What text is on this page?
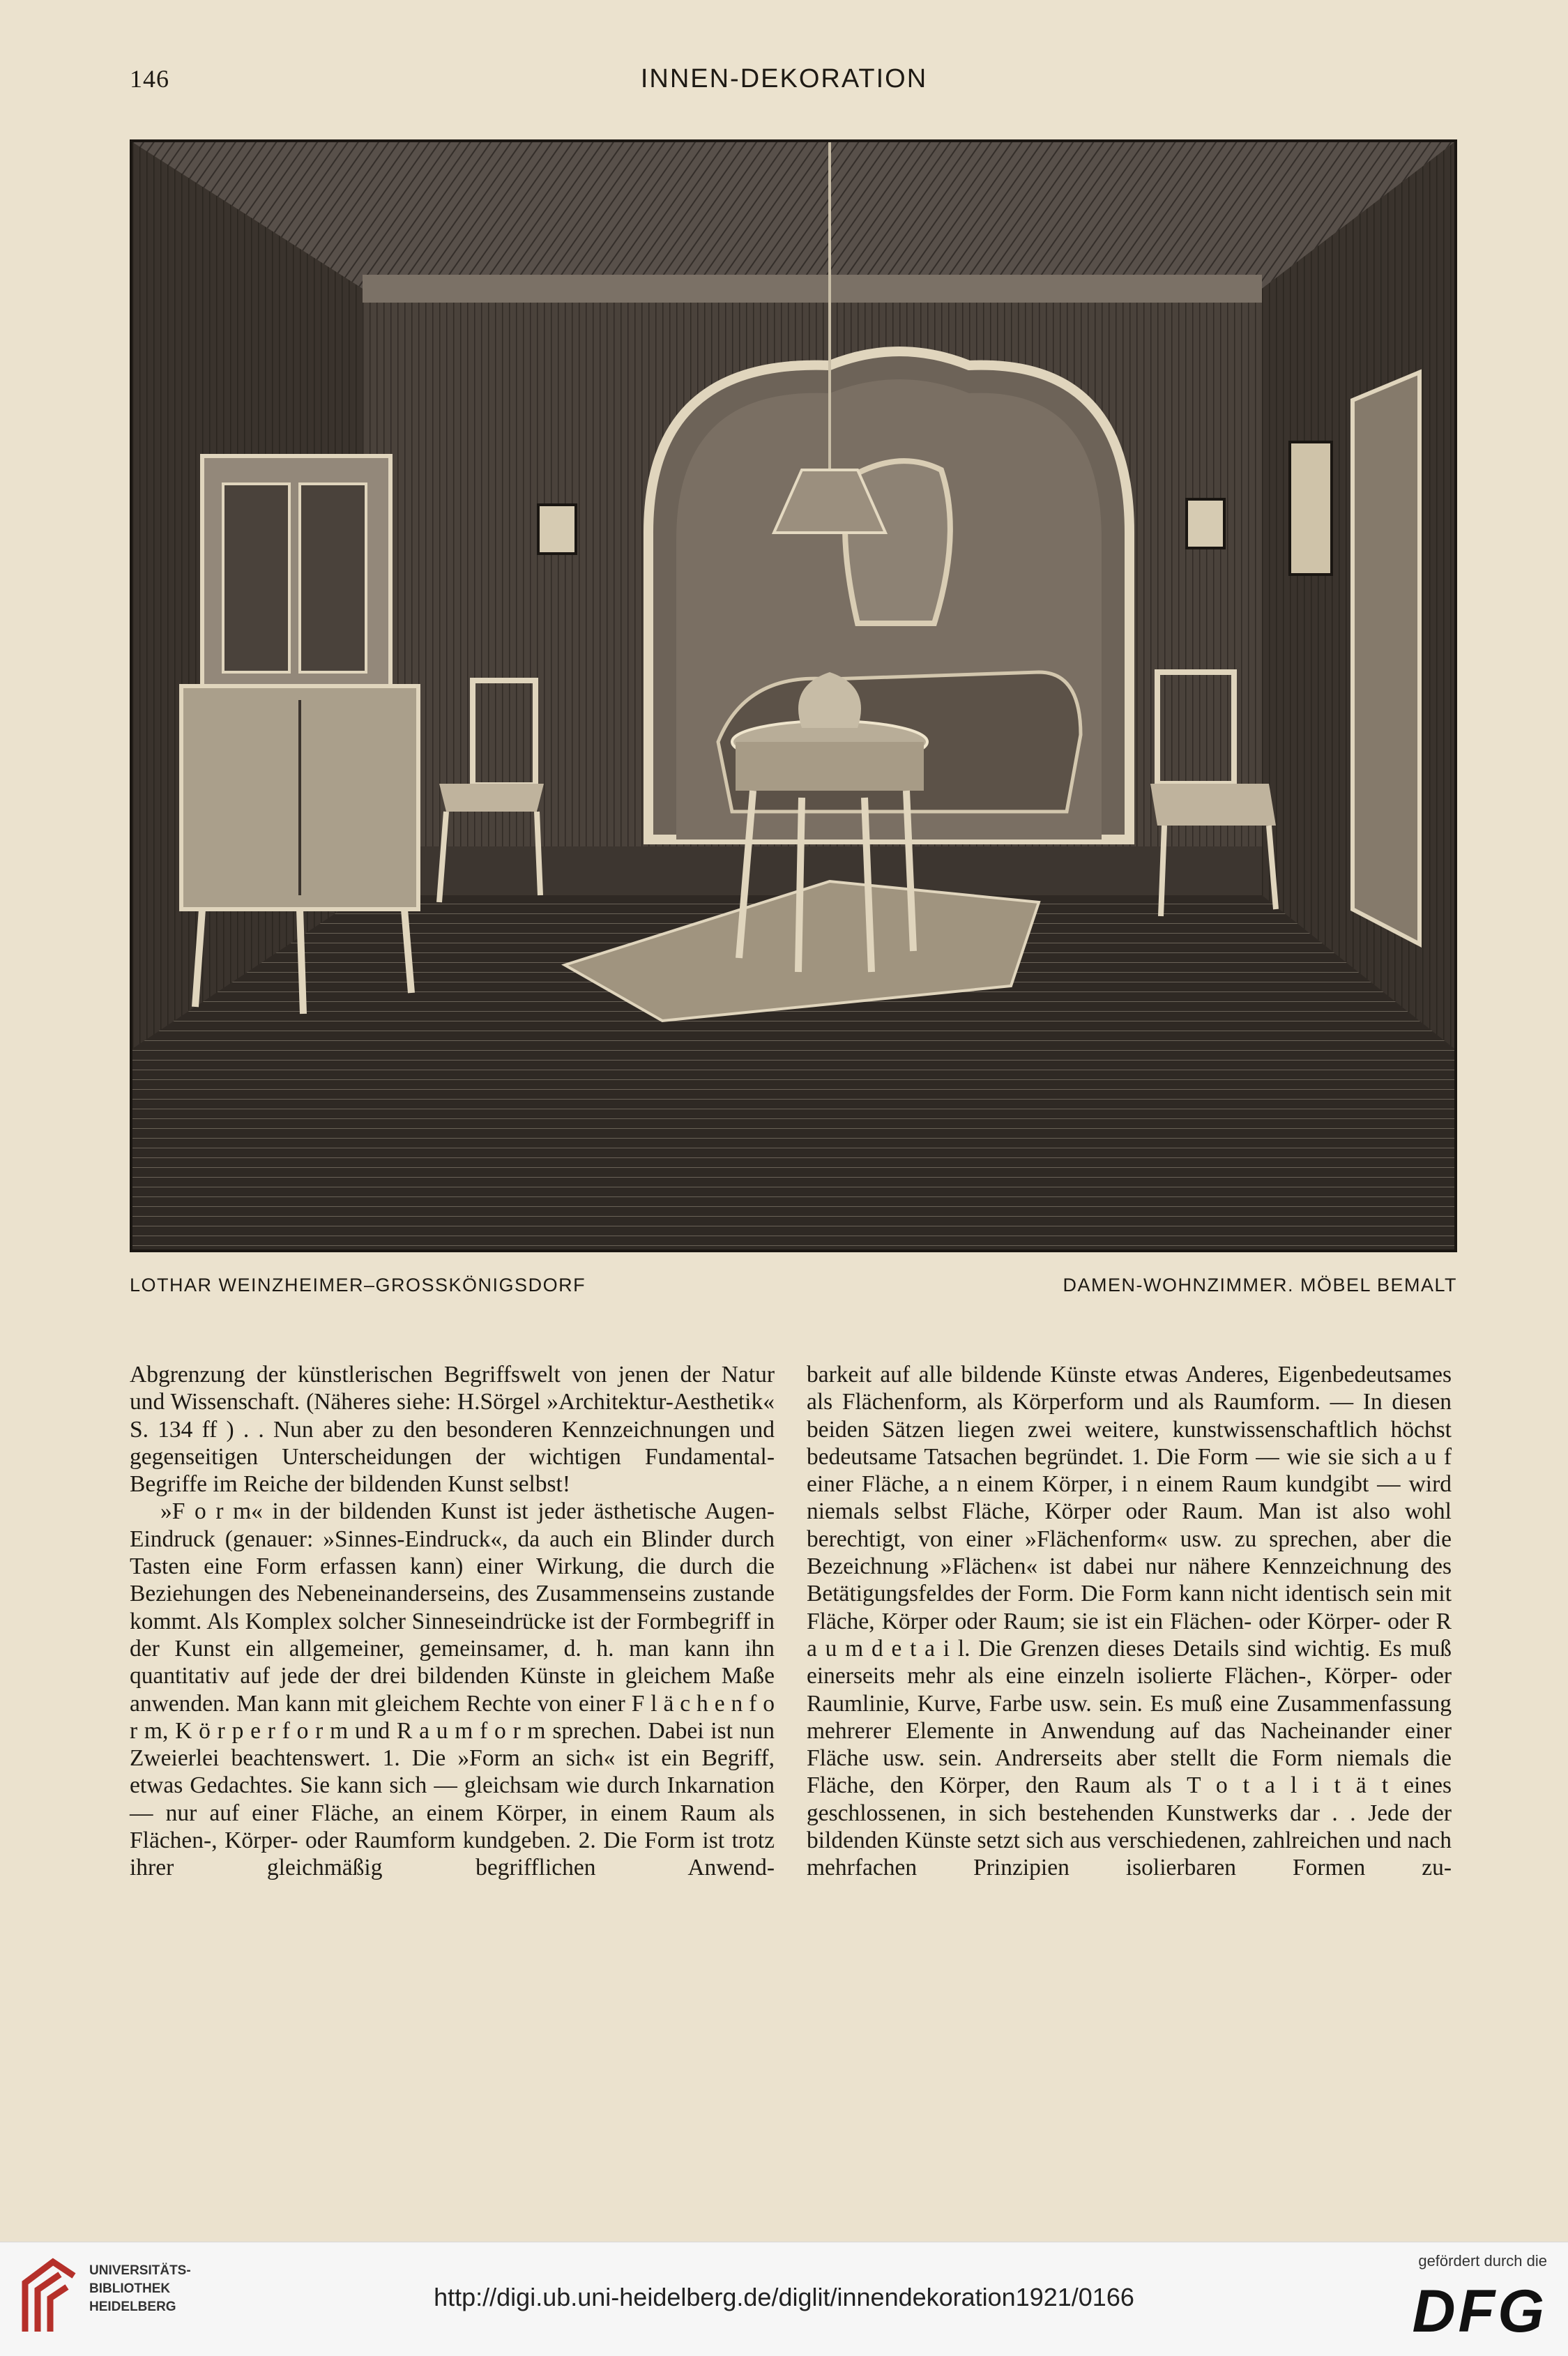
146	INNEN-DEKORATION
LOTHAR WEINZHEIMER–GROSSKÖNIGSDORF	DAMEN-WOHNZIMMER. MÖBEL BEMALT

Abgrenzung der künstlerischen Begriffswelt von jenen der Natur und Wissenschaft. (Näheres siehe: H.Sörgel »Architektur-Aesthetik« S. 134 ff ) . . Nun aber zu den besonderen Kennzeichnungen und gegenseitigen Unterscheidungen der wichtigen Fundamental-Begriffe im Reiche der bildenden Kunst selbst!

»F o r m« in der bildenden Kunst ist jeder ästhetische Augen-Eindruck (genauer: »Sinnes-Eindruck«, da auch ein Blinder durch Tasten eine Form erfassen kann) einer Wirkung, die durch die Beziehungen des Nebeneinanderseins, des Zusammenseins zustande kommt. Als Komplex solcher Sinneseindrücke ist der Formbegriff in der Kunst ein allgemeiner, gemeinsamer, d. h. man kann ihn quantitativ auf jede der drei bildenden Künste in gleichem Maße anwenden. Man kann mit gleichem Rechte von einer F l ä c h e n f o r m, K ö r p e r f o r m und R a u m f o r m sprechen. Dabei ist nun Zweierlei beachtenswert. 1. Die »Form an sich« ist ein Begriff, etwas Gedachtes. Sie kann sich — gleichsam wie durch Inkarnation — nur auf einer Fläche, an einem Körper, in einem Raum als Flächen-, Körper- oder Raumform kundgeben. 2. Die Form ist trotz ihrer gleichmäßig begrifflichen Anwend-

barkeit auf alle bildende Künste etwas Anderes, Eigenbedeutsames als Flächenform, als Körperform und als Raumform. — In diesen beiden Sätzen liegen zwei weitere, kunstwissenschaftlich höchst bedeutsame Tatsachen begründet. 1. Die Form — wie sie sich a u f einer Fläche, a n einem Körper, i n einem Raum kundgibt — wird niemals selbst Fläche, Körper oder Raum. Man ist also wohl berechtigt, von einer »Flächenform« usw. zu sprechen, aber die Bezeichnung »Flächen« ist dabei nur nähere Kennzeichnung des Betätigungsfeldes der Form. Die Form kann nicht identisch sein mit Fläche, Körper oder Raum; sie ist ein Flächen- oder Körper- oder R a u m d e t a i l. Die Grenzen dieses Details sind wichtig. Es muß einerseits mehr als eine einzeln isolierte Flächen-, Körper- oder Raumlinie, Kurve, Farbe usw. sein. Es muß eine Zusammenfassung mehrerer Elemente in Anwendung auf das Nacheinander einer Fläche usw. sein. Andrerseits aber stellt die Form niemals die Fläche, den Körper, den Raum als T o t a l i t ä t eines geschlossenen, in sich bestehenden Kunstwerks dar . . Jede der bildenden Künste setzt sich aus verschiedenen, zahlreichen und nach mehrfachen Prinzipien isolierbaren Formen zu-

UNIVERSITÄTS-
BIBLIOTHEK
HEIDELBERG	http://digi.ub.uni-heidelberg.de/diglit/innendekoration1921/0166
gefördert durch die
DFG
